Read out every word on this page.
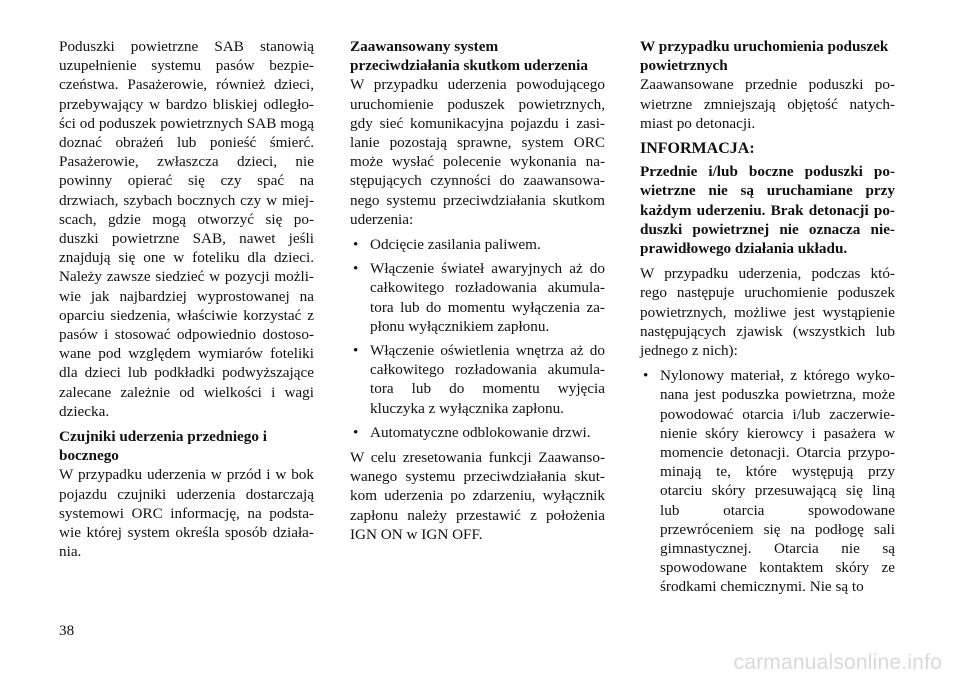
Poduszki powietrzne SAB stanowią uzupełnienie systemu pasów bezpie-czeństwa. Pasażerowie, również dzieci, przebywający w bardzo bliskiej odległo-ści od poduszek powietrznych SAB mogą doznać obrażeń lub ponieść śmierć. Pasażerowie, zwłaszcza dzieci, nie powinny opierać się czy spać na drzwiach, szybach bocznych czy w miej-scach, gdzie mogą otworzyć się po-duszki powietrzne SAB, nawet jeśli znajdują się one w foteliku dla dzieci. Należy zawsze siedzieć w pozycji możli-wie jak najbardziej wyprostowanej na oparciu siedzenia, właściwie korzystać z pasów i stosować odpowiednio dostoso-wane pod względem wymiarów foteliki dla dzieci lub podkładki podwyższające zalecane zależnie od wielkości i wagi dziecka.

Czujniki uderzenia przedniego i bocznego

W przypadku uderzenia w przód i w bok pojazdu czujniki uderzenia dostarczają systemowi ORC informację, na podsta-wie której system określa sposób działa-nia.

Zaawansowany system przeciwdziałania skutkom uderzenia

W przypadku uderzenia powodującego uruchomienie poduszek powietrznych, gdy sieć komunikacyjna pojazdu i zasi-lanie pozostają sprawne, system ORC może wysłać polecenie wykonania na-stępujących czynności do zaawansowa-nego systemu przeciwdziałania skutkom uderzenia:

• Odcięcie zasilania paliwem.
• Włączenie świateł awaryjnych aż do całkowitego rozładowania akumula-tora lub do momentu wyłączenia za-płonu wyłącznikiem zapłonu.
• Włączenie oświetlenia wnętrza aż do całkowitego rozładowania akumula-tora lub do momentu wyjęcia kluczyka z wyłącznika zapłonu.
• Automatyczne odblokowanie drzwi.

W celu zresetowania funkcji Zaawanso-wanego systemu przeciwdziałania skut-kom uderzenia po zdarzeniu, wyłącznik zapłonu należy przestawić z położenia IGN ON w IGN OFF.

W przypadku uruchomienia poduszek powietrznych

Zaawansowane przednie poduszki po-wietrzne zmniejszają objętość natych-miast po detonacji.

INFORMACJA:

Przednie i/lub boczne poduszki po-wietrzne nie są uruchamiane przy każdym uderzeniu. Brak detonacji po-duszki powietrznej nie oznacza nie-prawidłowego działania układu.

W przypadku uderzenia, podczas któ-rego następuje uruchomienie poduszek powietrznych, możliwe jest wystąpienie następujących zjawisk (wszystkich lub jednego z nich):

• Nylonowy materiał, z którego wyko-nana jest poduszka powietrzna, może powodować otarcia i/lub zaczerwie-nienie skóry kierowcy i pasażera w momencie detonacji. Otarcia przypo-minają te, które występują przy otarciu skóry przesuwającą się liną lub otarcia spowodowane przewróceniem się na podłogę sali gimnastycznej. Otarcia nie są spowodowane kontaktem skóry ze środkami chemicznymi. Nie są to
38
carmanualsonline.info
